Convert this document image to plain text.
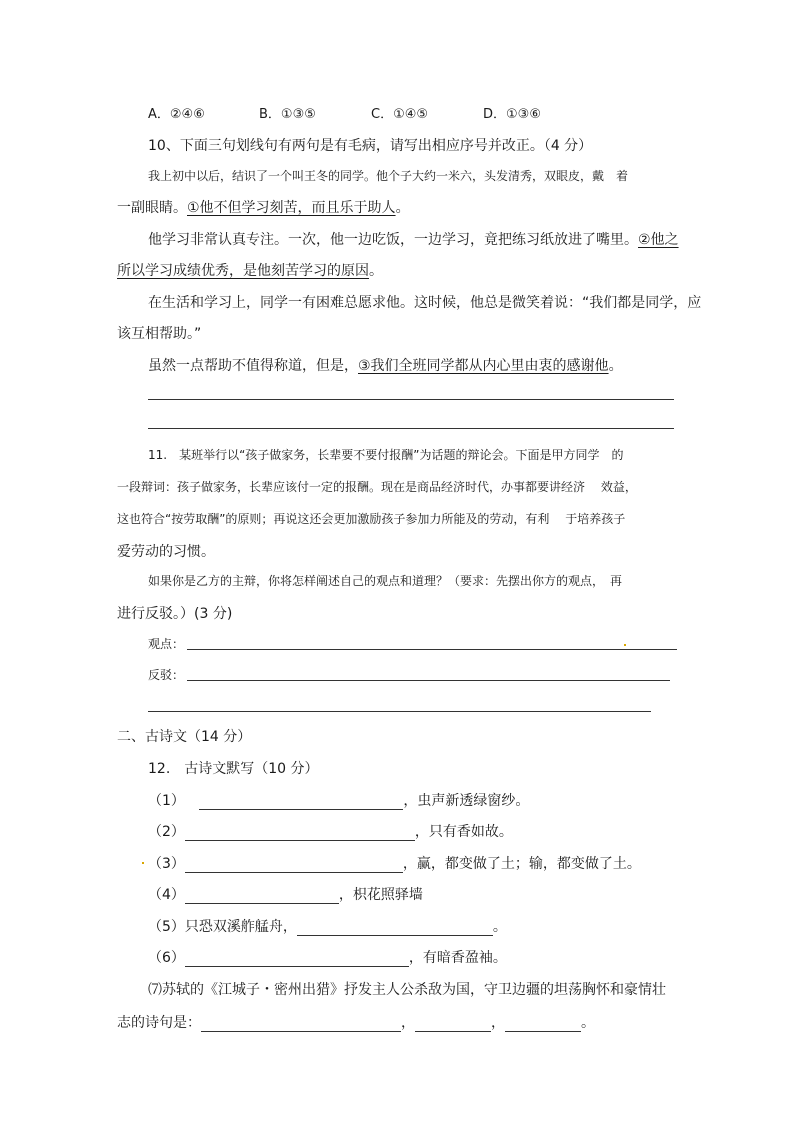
A．②④⑥	B．①③⑤	C．①④⑤	D．①③⑥
10、下面三句划线句有两句是有毛病，请写出相应序号并改正。（4 分）
我上初中以后，结识了一个叫王冬的同学。他个子大约一米六，头发清秀，双眼皮，戴　着
一副眼睛。①他不但学习刻苦，而且乐于助人。
他学习非常认真专注。一次，他一边吃饭，一边学习，竟把练习纸放进了嘴里。②他之
所以学习成绩优秀，是他刻苦学习的原因。
在生活和学习上，同学一有困难总愿求他。这时候，他总是微笑着说：“我们都是同学，应
该互相帮助。”
虽然一点帮助不值得称道，但是，③我们全班同学都从内心里由衷的感谢他。
11.　某班举行以“孩子做家务，长辈要不要付报酬”为话题的辩论会。下面是甲方同学　的
一段辩词：孩子做家务，长辈应该付一定的报酬。现在是商品经济时代，办事都要讲经济　 效益，
这也符合“按劳取酬”的原则；再说这还会更加激励孩子参加力所能及的劳动，有利　 于培养孩子
爱劳动的习惯。
如果你是乙方的主辩，你将怎样阐述自己的观点和道理？（要求：先摆出你方的观点，　再
进行反驳。）(3 分)
观点：
反驳：
二、古诗文（14 分）
12.　古诗文默写（10 分）
（1）	，虫声新透绿窗纱。
（2）	，只有香如故。
（3）	，赢，都变做了土；输，都变做了土。
（4）	，枳花照驿墙
（5）只恐双溪舴艋舟，	。
（6）	，有暗香盈袖。
⑺苏轼的《江城子・密州出猎》抒发主人公杀敌为国，守卫边疆的坦荡胸怀和豪情壮
志的诗句是：	，	，	。
